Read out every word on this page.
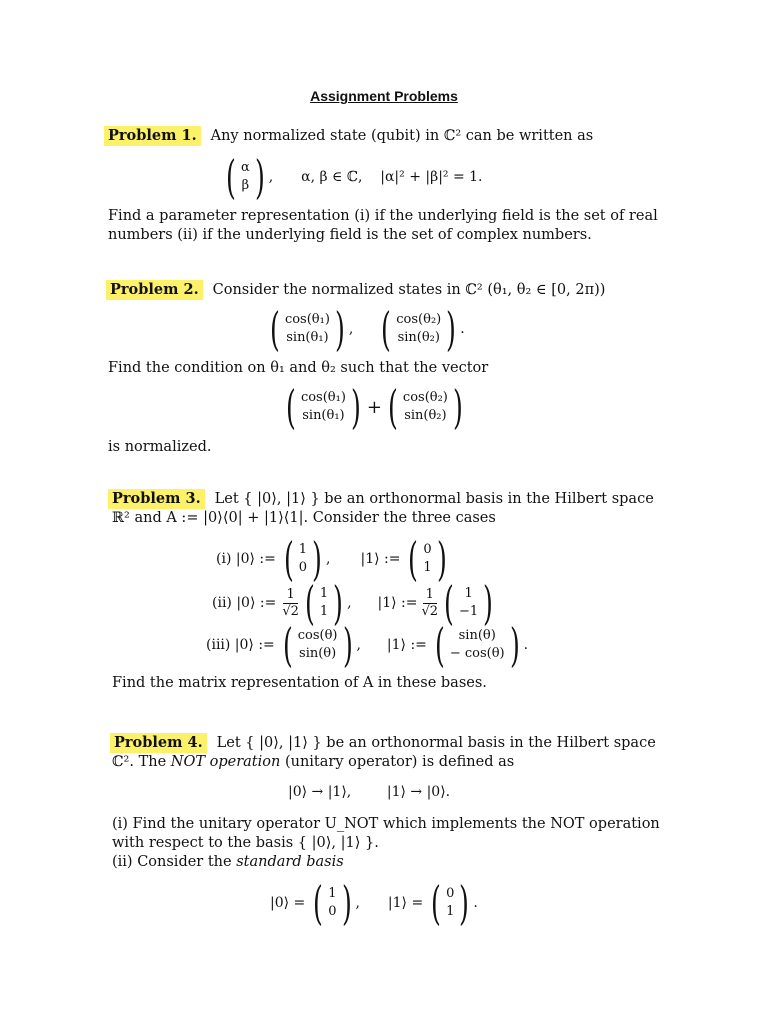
Assignment Problems
Problem 1. Any normalized state (qubit) in ℂ² can be written as
( α
β ) , α, β ∈ ℂ,    |α|² + |β|² = 1.
Find a parameter representation (i) if the underlying field is the set of real
numbers (ii) if the underlying field is the set of complex numbers.
Problem 2. Consider the normalized states in ℂ² (θ₁, θ₂ ∈ [0, 2π))
( cos(θ₁)
sin(θ₁) ) , ( cos(θ₂)
sin(θ₂) ) .
Find the condition on θ₁ and θ₂ such that the vector
( cos(θ₁)
sin(θ₁) ) + ( cos(θ₂)
sin(θ₂) )
is normalized.
Problem 3. Let { |0⟩, |1⟩ } be an orthonormal basis in the Hilbert space
ℝ² and A := |0⟩⟨0| + |1⟩⟨1|. Consider the three cases
(i) |0⟩ := ( 1
0 ) , |1⟩ := ( 0
1 )
(ii) |0⟩ := $\frac{1}{√2}$ ( 1
1 ) , |1⟩ := $\frac{1}{√2}$ ( 1
−1 )
(iii) |0⟩ := ( cos(θ)
sin(θ) ) , |1⟩ := ( sin(θ)
− cos(θ) ) .
Find the matrix representation of A in these bases.
Problem 4. Let { |0⟩, |1⟩ } be an orthonormal basis in the Hilbert space
ℂ². The NOT operation (unitary operator) is defined as
|0⟩ → |1⟩,        |1⟩ → |0⟩.
(i) Find the unitary operator U_NOT which implements the NOT operation
with respect to the basis { |0⟩, |1⟩ }.
(ii) Consider the standard basis
|0⟩ = ( 1
0 ) , |1⟩ = ( 0
1 ) .
